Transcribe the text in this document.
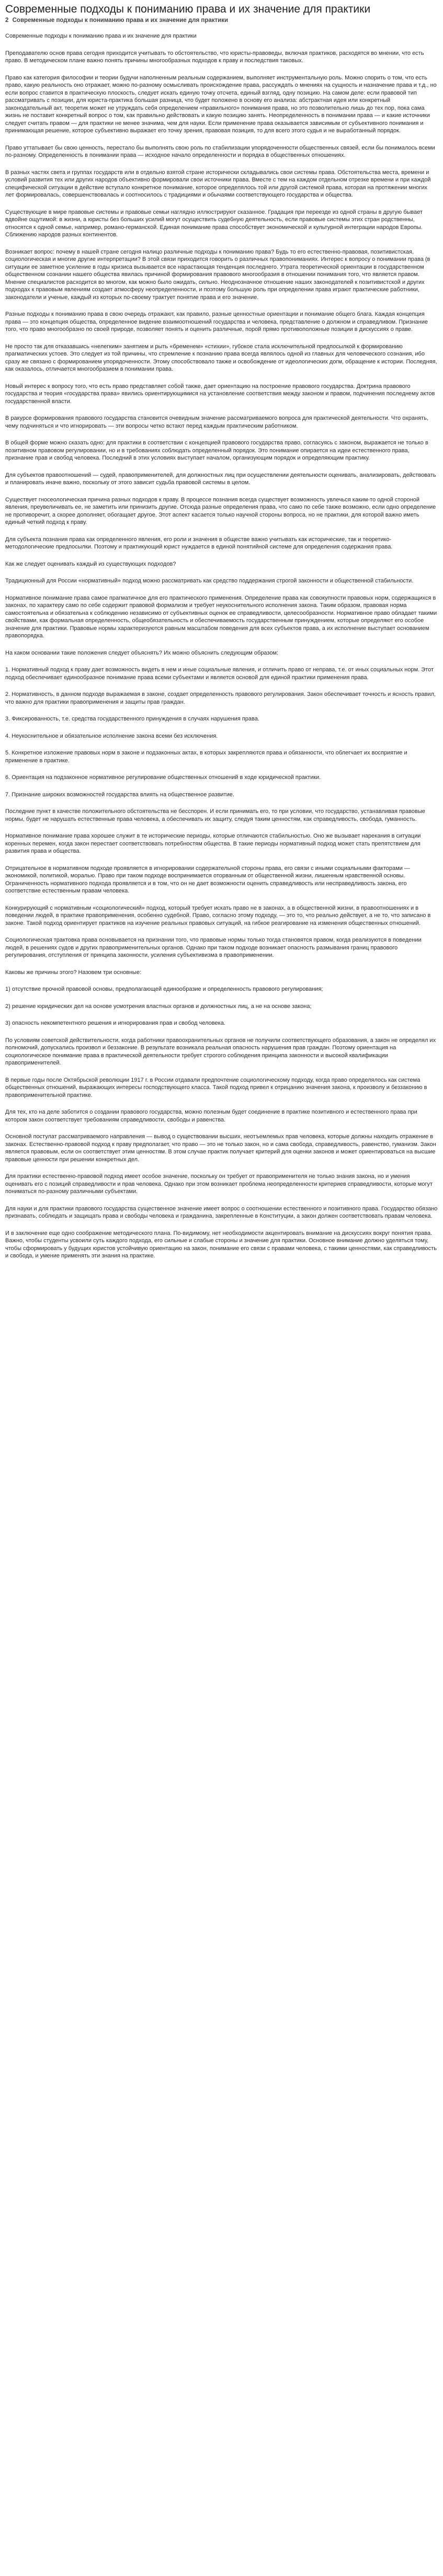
Современные подходы к пониманию права и их значение для практики
2 Современные подходы к пониманию права и их значение для практики

Современные подходы к пониманию права и их значение для практики

Преподавателю основ права сегодня приходится учитывать то обстоятельство, что юристы-правоведы, включая практиков, расходятся во мнении, что есть право. В методическом плане важно понять причины многообразных подходов к праву и последствия таковых.

Право как категория философии и теории будучи наполненным реальным содержанием, выполняет инструментальную роль. Можно спорить о том, что есть право, какую реальность оно отражает, можно по-разному осмысливать происхождение права, рассуждать о мнениях на сущность и назначение права и т.д., но если вопрос ставится в практическую плоскость, следует искать единую точку отсчета, единый взгляд, одну позицию. На самом деле: если правовой тип рассматривать с позиции, для юриста-практика большая разница, что будет положено в основу его анализа: абстрактная идея или конкретный законодательный акт, теоретик может не утруждать себя определением «правильного» понимания права, но это позволительно лишь до тех пор, пока сама жизнь не поставит конкретный вопрос о том, как правильно действовать и какую позицию занять. Неопределенность в понимании права — и какие источники следует считать правом — для практики не менее значима, чем для науки. Если применение права оказывается зависимым от субъективного понимания и принимающая решение, которое субъективно выражает его точку зрения, правовая позиция, то для всего этого судья и не выработанный порядок.

Право уттатывает бы свою ценность, перестало бы выполнять свою роль по стабилизации упорядоченности общественных связей, если бы понималось всеми по-разному. Определенность в понимании права — исходное начало определенности и порядка в общественных отношениях.

В разных частях света и группах государств или в отдельно взятой стране исторически складывались свои системы права. Обстоятельства места, времени и условий развития тех или других народов объективно формировали свои источники права. Вместе с тем на каждом отдельном отрезке времени и при каждой специфической ситуации в действие вступало конкретное понимание, которое определялось той или другой системой права, которая на протяжении многих лет формировалась, совершенствовалась и соотносилось с традициями и обычаями соответствующего государства и общества.

Существующие в мире правовые системы и правовые семьи наглядно иллюстрируют сказанное. Градация при переезде из одной страны в другую бывает вдвойне ощутимой: в жизни, а юристы без больших усилий могут осуществить судебную деятельность, если правовые системы этих стран родственны, относятся к одной семье, например, романо-германской. Единая понимание права способствует экономической и культурной интеграции народов Европы. Сближению народов разных континентов.

Возникает вопрос: почему в нашей стране сегодня налицо различные подходы к пониманию права? Будь то его естественно-правовая, позитивистская, социологическая и многие другие интерпретации? В этой связи приходится говорить о различных правопониманиях. Интерес к вопросу о понимании права (в ситуации ее заметное усиление в годы кризиса вызывается все нарастающая тенденция последнего. Утрата теоретической ориентации в государственном общественном сознании нашего общества явилась причиной формирования правового многообразия в отношении понимания того, что является правом. Мнение специалистов расходится во многом, как можно было ожидать, сильно. Неоднозначное отношение наших законодателей к позитивистской и других подходах к правовым явлениям создает атмосферу неопределенности, и поэтому большую роль при определении права играют практические работники, законодатели и ученые, каждый из которых по-своему трактует понятие права и его значение.

Разные подходы к пониманию права в свою очередь отражают, как правило, разные ценностные ориентации и понимание общего блага. Каждая концепция права — это концепция общества, определенное видение взаимоотношений государства и человека, представление о должном и справедливом. Признание того, что право многообразно по своей природе, позволяет понять и оценить различные, порой прямо противоположные позиции в дискуссиях о праве.

Не просто так для отказавшись «нелегким» занятием и рыть «бременем» «стихии», губокое стала исключительной предпосылкой к формированию прагматических устоев. Это следует из той причины, что стремление к познанию права всегда являлось одной из главных для человеческого сознания, ибо сразу же связано с формированием упорядоченности. Этому способствовало также и освобождение от идеологических догм, обращение к истории. Последняя, как оказалось, отличается многообразием в понимании права.

Новый интерес к вопросу того, что есть право представляет собой также, дает ориентацию на построение правового государства. Доктрина правового государства и теория «государства права» явились ориентирующимися на установление соответствия между законом и правом, подчинения последнему актов государственной власти.

В ракурсе формирования правового государства становится очевидным значение рассматриваемого вопроса для практической деятельности. Что охранять, чему подчиняться и что игнорировать — эти вопросы четко встают перед каждым практическим работником.

В общей форме можно сказать одно: для практики в соответствии с концепцией правового государства право, согласуясь с законом, выражается не только в позитивном правовом регулировании, но и в требованиях соблюдать определенный порядок. Это понимание опирается на идеи естественного права, признание прав и свобод человека. Последний в этих условиях выступает началом, организующим порядок и определяющим практику.

Для субъектов правоотношений — судей, правоприменителей, для должностных лиц при осуществлении деятельности оценивать, анализировать, действовать и планировать иначе важно, поскольку от этого зависит судьба правовой системы в целом.

Существует гносеологическая причина разных подходов к праву. В процессе познания всегда существует возможность увлечься каким-то одной стороной явления, преувеличивать ее, не заметить или принизить другие. Отсюда разные определения права, что само по себе также возможно, если одно определение не противоречит, а скорее дополняет, обогащает другое. Этот аспект касается только научной стороны вопроса, но не практики, для которой важно иметь единый четкий подход к праву.

Для субъекта познания права как определенного явления, его роли и значения в обществе важно учитывать как исторические, так и теоретико-методологические предпосылки. Поэтому и практикующий юрист нуждается в единой понятийной системе для определения содержания права.

Как же следует оценивать каждый из существующих подходов?

Традиционный для России «нормативный» подход можно рассматривать как средство поддержания строгой законности и общественной стабильности.

Нормативное понимание права самое прагматичное для его практического применения. Определение права как совокупности правовых норм, содержащихся в законах, по характеру само по себе содержит правовой формализм и требует неукоснительного исполнения закона. Таким образом, правовая норма самостоятельна и обязательна к соблюдению независимо от субъективных оценок ее справедливости, целесообразности. Нормативное право обладает такими свойствами, как формальная определенность, общеобязательность и обеспечиваемость государственным принуждением, которые определяют его особое значение для практики. Правовые нормы характеризуются равным масштабом поведения для всех субъектов права, а их исполнение выступает основанием правопорядка.

На каком основании такие положения следует объяснять? Их можно объяснить следующим образом:

1. Нормативный подход к праву дает возможность видеть в нем и иные социальные явления, и отличить право от неправа, т.е. от иных социальных норм. Этот подход обеспечивает единообразное понимание права всеми субъектами и является основой для единой практики применения права.

2. Нормативность, в данном подходе выражаемая в законе, создает определенность правового регулирования. Закон обеспечивает точность и ясность правил, что важно для практики правоприменения и защиты прав граждан.

3. Фиксированность, т.е. средства государственного принуждения в случаях нарушения права.

4. Неукоснительное и обязательное исполнение закона всеми без исключения.

5. Конкретное изложение правовых норм в законе и подзаконных актах, в которых закрепляются права и обязанности, что облегчает их восприятие и применение в практике.

6. Ориентация на подзаконное нормативное регулирование общественных отношений в ходе юридической практики.

7. Признание широких возможностей государства влиять на общественное развитие.

Последние пункт в качестве положительного обстоятельства не бесспорен. И если принимать его, то при условии, что государство, устанавливая правовые нормы, будет не нарушать естественные права человека, а обеспечивать их защиту, следуя таким ценностям, как справедливость, свобода, гуманность.

Нормативное понимание права хорошее служит в те исторические периоды, которые отличаются стабильностью. Оно же вызывает нарекания в ситуации коренных перемен, когда закон перестает соответствовать потребностям общества. В такие периоды нормативный подход может стать препятствием для развития права и общества.

Отрицательное в нормативном подходе проявляется в игнорировании содержательной стороны права, его связи с иными социальными факторами — экономикой, политикой, моралью. Право при таком подходе воспринимается оторванным от общественной жизни, лишенным нравственной основы. Ограниченность нормативного подхода проявляется и в том, что он не дает возможности оценить справедливость или несправедливость закона, его соответствие естественным правам человека.

Конкурирующий с нормативным «социологический» подход, который требует искать право не в законах, а в общественной жизни, в правоотношениях и в поведении людей, в практике правоприменения, особенно судебной. Право, согласно этому подходу, — это то, что реально действует, а не то, что записано в законе. Такой подход ориентирует практиков на изучение реальных правовых ситуаций, на гибкое реагирование на изменения общественных отношений.

Социологическая трактовка права основывается на признании того, что правовые нормы только тогда становятся правом, когда реализуются в поведении людей, в решениях судов и других правоприменительных органов. Однако при таком подходе возникает опасность размывания границ правового регулирования, отступления от принципа законности, усиления субъективизма в правоприменении.

Каковы же причины этого? Назовем три основные:

1) отсутствие прочной правовой основы, предполагающей единообразие и определенность правового регулирования;

2) решение юридических дел на основе усмотрения властных органов и должностных лиц, а не на основе закона;

3) опасность некомпетентного решения и игнорирования прав и свобод человека.

По условиям советской действительности, когда работники правоохранительных органов не получили соответствующего образования, а закон не определял их полномочий, допускались произвол и беззаконие. В результате возникала реальная опасность нарушения прав граждан. Поэтому ориентация на социологическое понимание права в практической деятельности требует строгого соблюдения принципа законности и высокой квалификации правоприменителей.

В первые годы после Октябрьской революции 1917 г. в России отдавали предпочтение социологическому подходу, когда право определялось как система общественных отношений, выражающих интересы господствующего класса. Такой подход привел к отрицанию значения закона, к произволу и беззаконию в правоприменительной практике.

Для тех, кто на деле заботится о создании правового государства, можно полезным будет соединение в практике позитивного и естественного права при котором закон соответствует требованиям справедливости, свободы и равенства.

Основной постулат рассматриваемого направления — вывод о существовании высших, неотъемлемых прав человека, которые должны находить отражение в законах. Естественно-правовой подход к праву предполагает, что право — это не только закон, но и сама свобода, справедливость, равенство, гуманизм. Закон является правовым, если он соответствует этим ценностям. В этом случае практик получает критерий для оценки законов и может ориентироваться на высшие правовые ценности при решении конкретных дел.

Для практики естественно-правовой подход имеет особое значение, поскольку он требует от правоприменителя не только знания закона, но и умения оценивать его с позиций справедливости и прав человека. Однако при этом возникает проблема неопределенности критериев справедливости, которые могут пониматься по-разному различными субъектами.

Для науки и для практики правового государства существенное значение имеет вопрос о соотношении естественного и позитивного права. Государство обязано признавать, соблюдать и защищать права и свободы человека и гражданина, закрепленные в Конституции, а закон должен соответствовать правам человека.

И в заключение еще одно соображение методического плана. По-видимому, нет необходимости акцентировать внимание на дискуссиях вокруг понятия права. Важно, чтобы студенты усвоили суть каждого подхода, его сильные и слабые стороны и значение для практики. Основное внимание должно уделяться тому, чтобы сформировать у будущих юристов устойчивую ориентацию на закон, понимание его связи с правами человека, с такими ценностями, как справедливость и свобода, и умение применять эти знания на практике.
